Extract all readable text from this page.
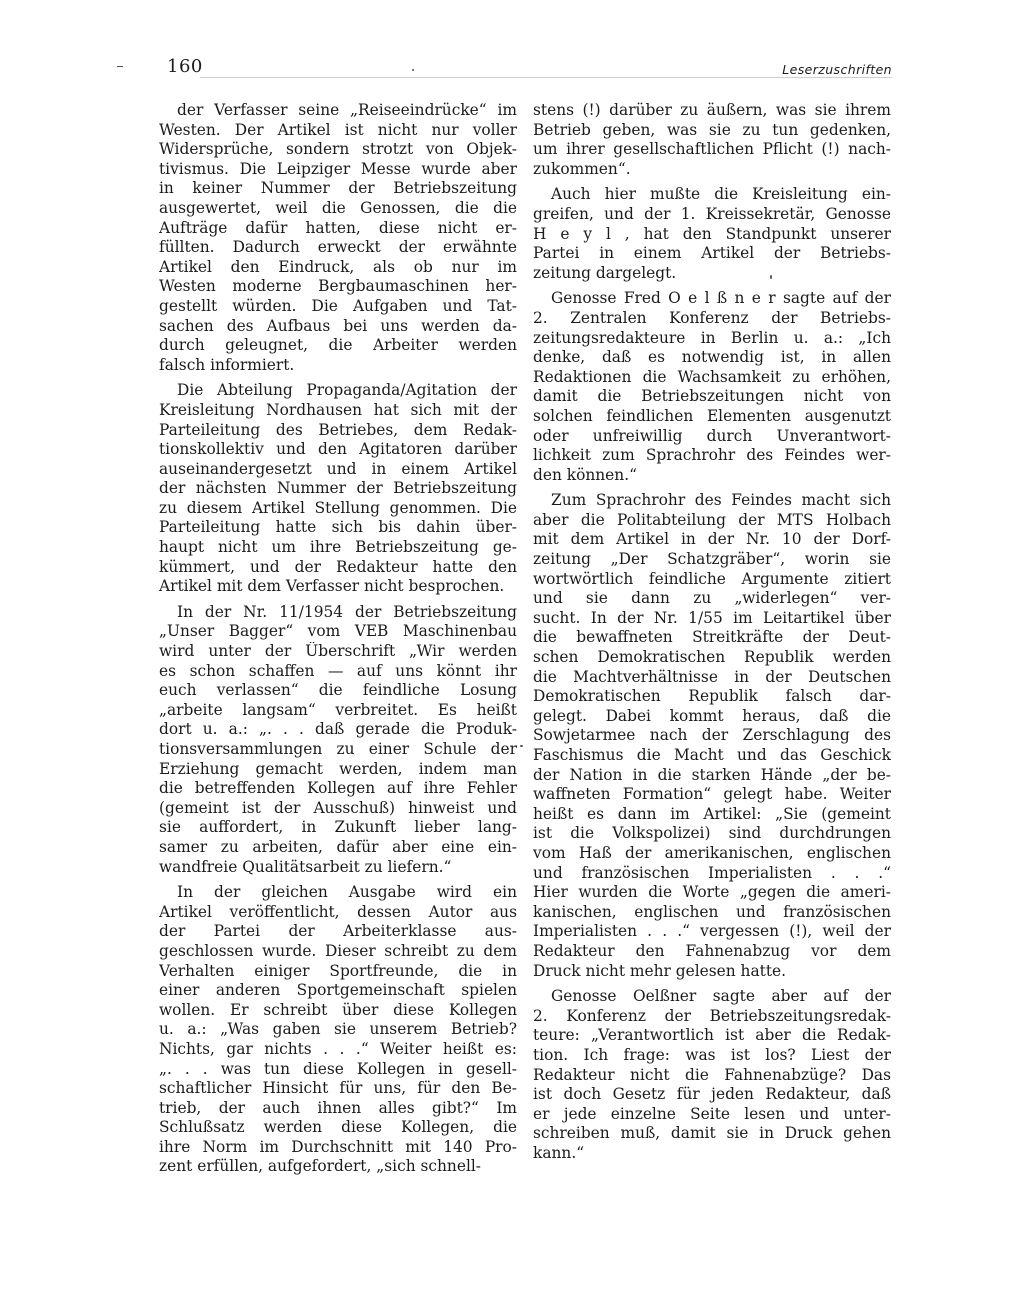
160	Leserzuschriften
der Verfasser seine „Reiseeindrücke“ im
Westen. Der Artikel ist nicht nur voller
Widersprüche, sondern strotzt von Objek-
tivismus. Die Leipziger Messe wurde aber
in keiner Nummer der Betriebszeitung
ausgewertet, weil die Genossen, die die
Aufträge dafür hatten, diese nicht er-
füllten. Dadurch erweckt der erwähnte
Artikel den Eindruck, als ob nur im
Westen moderne Bergbaumaschinen her-
gestellt würden. Die Aufgaben und Tat-
sachen des Aufbaus bei uns werden da-
durch geleugnet, die Arbeiter werden
falsch informiert.
Die Abteilung Propaganda/Agitation der
Kreisleitung Nordhausen hat sich mit der
Parteileitung des Betriebes, dem Redak-
tionskollektiv und den Agitatoren darüber
auseinandergesetzt und in einem Artikel
der nächsten Nummer der Betriebszeitung
zu diesem Artikel Stellung genommen. Die
Parteileitung hatte sich bis dahin über-
haupt nicht um ihre Betriebszeitung ge-
kümmert, und der Redakteur hatte den
Artikel mit dem Verfasser nicht besprochen.
In der Nr. 11/1954 der Betriebszeitung
„Unser Bagger“ vom VEB Maschinenbau
wird unter der Überschrift „Wir werden
es schon schaffen — auf uns könnt ihr
euch verlassen“ die feindliche Losung
„arbeite langsam“ verbreitet. Es heißt
dort u. a.: „. . . daß gerade die Produk-
tionsversammlungen zu einer Schule der
Erziehung gemacht werden, indem man
die betreffenden Kollegen auf ihre Fehler
(gemeint ist der Ausschuß) hinweist und
sie auffordert, in Zukunft lieber lang-
samer zu arbeiten, dafür aber eine ein-
wandfreie Qualitätsarbeit zu liefern.“
In der gleichen Ausgabe wird ein
Artikel veröffentlicht, dessen Autor aus
der Partei der Arbeiterklasse aus-
geschlossen wurde. Dieser schreibt zu dem
Verhalten einiger Sportfreunde, die in
einer anderen Sportgemeinschaft spielen
wollen. Er schreibt über diese Kollegen
u. a.: „Was gaben sie unserem Betrieb?
Nichts, gar nichts . . .“ Weiter heißt es:
„. . . was tun diese Kollegen in gesell-
schaftlicher Hinsicht für uns, für den Be-
trieb, der auch ihnen alles gibt?“ Im
Schlußsatz werden diese Kollegen, die
ihre Norm im Durchschnitt mit 140 Pro-
zent erfüllen, aufgefordert, „sich schnell-
stens (!) darüber zu äußern, was sie ihrem
Betrieb geben, was sie zu tun gedenken,
um ihrer gesellschaftlichen Pflicht (!) nach-
zukommen“.
Auch hier mußte die Kreisleitung ein-
greifen, und der 1. Kreissekretär, Genosse
H e y l , hat den Standpunkt unserer
Partei in einem Artikel der Betriebs-
zeitung dargelegt.
Genosse Fred O e l ß n e r sagte auf der
2. Zentralen Konferenz der Betriebs-
zeitungsredakteure in Berlin u. a.: „Ich
denke, daß es notwendig ist, in allen
Redaktionen die Wachsamkeit zu erhöhen,
damit die Betriebszeitungen nicht von
solchen feindlichen Elementen ausgenutzt
oder unfreiwillig durch Unverantwort-
lichkeit zum Sprachrohr des Feindes wer-
den können.“
Zum Sprachrohr des Feindes macht sich
aber die Politabteilung der MTS Holbach
mit dem Artikel in der Nr. 10 der Dorf-
zeitung „Der Schatzgräber“, worin sie
wortwörtlich feindliche Argumente zitiert
und sie dann zu „widerlegen“ ver-
sucht. In der Nr. 1/55 im Leitartikel über
die bewaffneten Streitkräfte der Deut-
schen Demokratischen Republik werden
die Machtverhältnisse in der Deutschen
Demokratischen Republik falsch dar-
gelegt. Dabei kommt heraus, daß die
Sowjetarmee nach der Zerschlagung des
Faschismus die Macht und das Geschick
der Nation in die starken Hände „der be-
waffneten Formation“ gelegt habe. Weiter
heißt es dann im Artikel: „Sie (gemeint
ist die Volkspolizei) sind durchdrungen
vom Haß der amerikanischen, englischen
und französischen Imperialisten . . .“
Hier wurden die Worte „gegen die ameri-
kanischen, englischen und französischen
Imperialisten . . .“ vergessen (!), weil der
Redakteur den Fahnenabzug vor dem
Druck nicht mehr gelesen hatte.
Genosse Oelßner sagte aber auf der
2. Konferenz der Betriebszeitungsredak-
teure: „Verantwortlich ist aber die Redak-
tion. Ich frage: was ist los? Liest der
Redakteur nicht die Fahnenabzüge? Das
ist doch Gesetz für jeden Redakteur, daß
er jede einzelne Seite lesen und unter-
schreiben muß, damit sie in Druck gehen
kann.“
